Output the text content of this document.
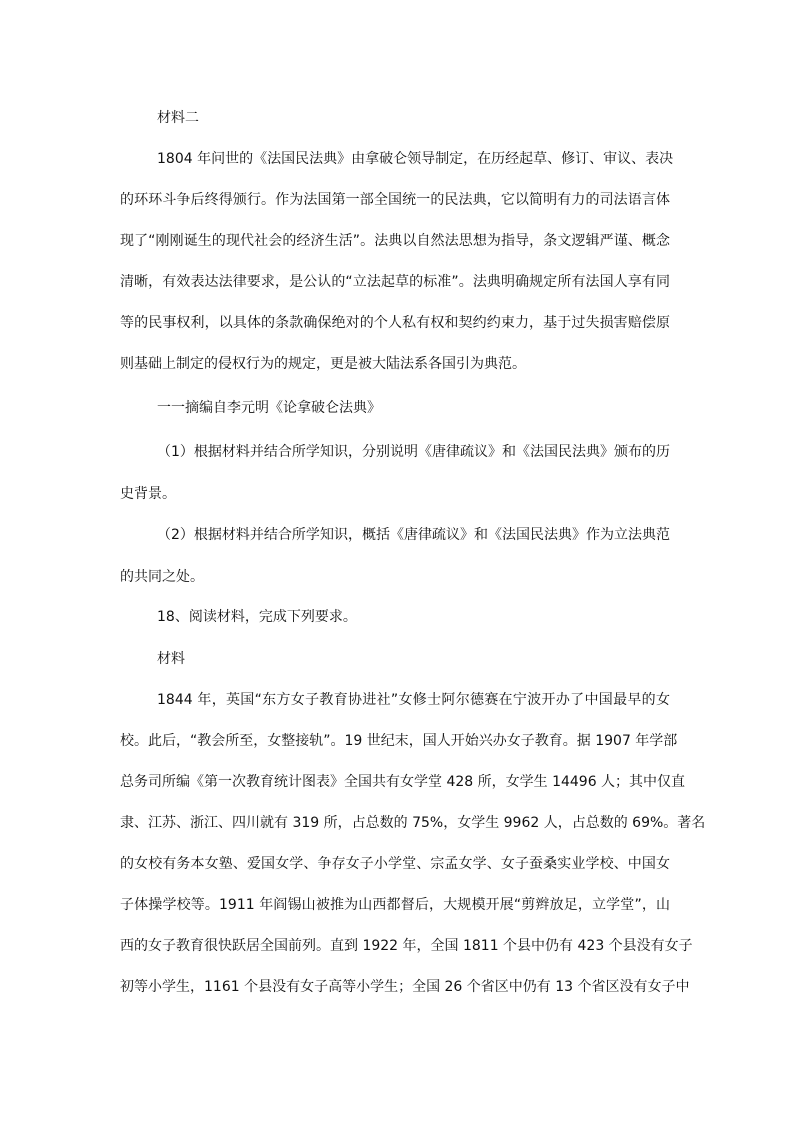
材料二
1804 年问世的《法国民法典》由拿破仑领导制定，在历经起草、修订、审议、表决
的环环斗争后终得颁行。作为法国第一部全国统一的民法典，它以简明有力的司法语言体
现了“刚刚诞生的现代社会的经济生活”。法典以自然法思想为指导，条文逻辑严谨、概念
清晰，有效表达法律要求，是公认的“立法起草的标准”。法典明确规定所有法国人享有同
等的民事权利，以具体的条款确保绝对的个人私有权和契约约束力，基于过失损害赔偿原
则基础上制定的侵权行为的规定，更是被大陆法系各国引为典范。
一一摘编自李元明《论拿破仑法典》
（1）根据材料并结合所学知识，分别说明《唐律疏议》和《法国民法典》颁布的历
史背景。
（2）根据材料并结合所学知识，概括《唐律疏议》和《法国民法典》作为立法典范
的共同之处。
18、阅读材料，完成下列要求。
材料
1844 年，英国“东方女子教育协进社”女修士阿尔德赛在宁波开办了中国最早的女
校。此后，“教会所至，女整接轨”。19 世纪末，国人开始兴办女子教育。据 1907 年学部
总务司所编《第一次教育统计图表》全国共有女学堂 428 所，女学生 14496 人；其中仅直
隶、江苏、浙江、四川就有 319 所，占总数的 75%，女学生 9962 人，占总数的 69%。著名
的女校有务本女塾、爱国女学、争存女子小学堂、宗孟女学、女子蚕桑实业学校、中国女
子体操学校等。1911 年阎锡山被推为山西都督后，大规模开展“剪辫放足，立学堂”，山
西的女子教育很快跃居全国前列。直到 1922 年，全国 1811 个县中仍有 423 个县没有女子
初等小学生，1161 个县没有女子高等小学生；全国 26 个省区中仍有 13 个省区没有女子中
